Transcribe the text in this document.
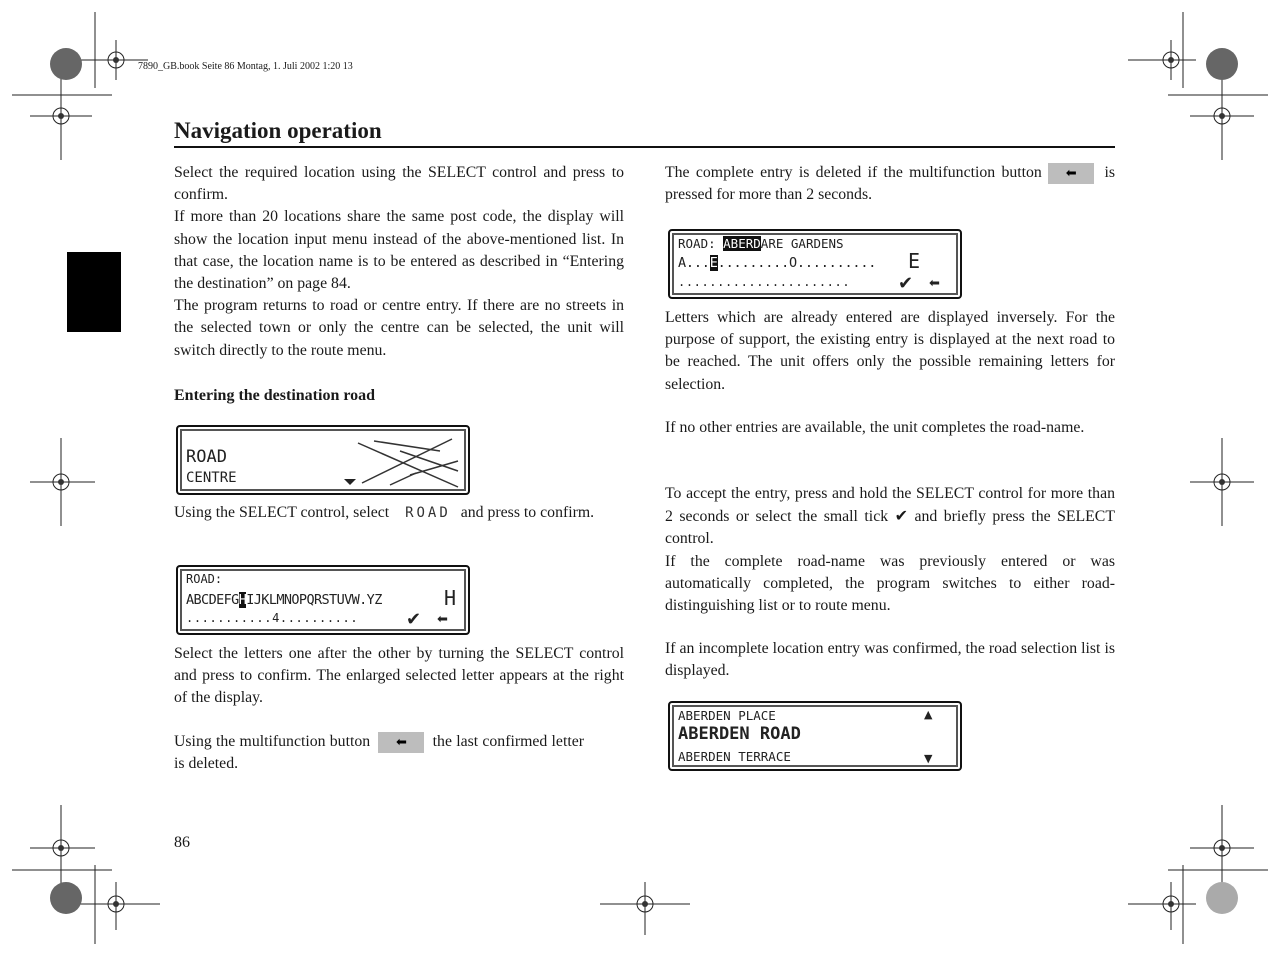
7890_GB.book Seite 86 Montag, 1. Juli 2002 1:20 13
Navigation operation

Select the required location using the SELECT control and press to confirm.

If more than 20 locations share the same post code, the display will show the location input menu instead of the above-mentioned list. In that case, the location name is to be entered as described in “Entering the destination” on page 84.

The program returns to road or centre entry. If there are no streets in the selected town or only the centre can be selected, the unit will switch directly to the route menu.

Entering the destination road
ROAD
CENTRE

Using the SELECT control, select ROAD and press to confirm.

ROAD:
ABCDEFGHIJKLMNOPQRSTUVW.YZ	H
...........4..........	✔ ⬅
Select the letters one after the other by turning the SELECT control and press to confirm. The enlarged selected letter appears at the right of the display.

Using the multifunction button ⬅ the last confirmed letter is deleted.

86

The complete entry is deleted if the multifunction button ⬅ is pressed for more than 2 seconds.

ROAD: ABERDARE GARDENS
A...E.........O.......... E
......................	✔ ⬅
Letters which are already entered are displayed inversely. For the purpose of support, the existing entry is displayed at the next road to be reached. The unit offers only the possible remaining letters for selection.
If no other entries are available, the unit completes the road-name.

To accept the entry, press and hold the SELECT control for more than 2 seconds or select the small tick ✔ and briefly press the SELECT control.

If the complete road-name was previously entered or was automatically completed, the program switches to either road-distinguishing list or to route menu.

If an incomplete location entry was confirmed, the road selection list is displayed.
ABERDEN PLACE
ABERDEN ROAD
ABERDEN TERRACE
▲
▼
